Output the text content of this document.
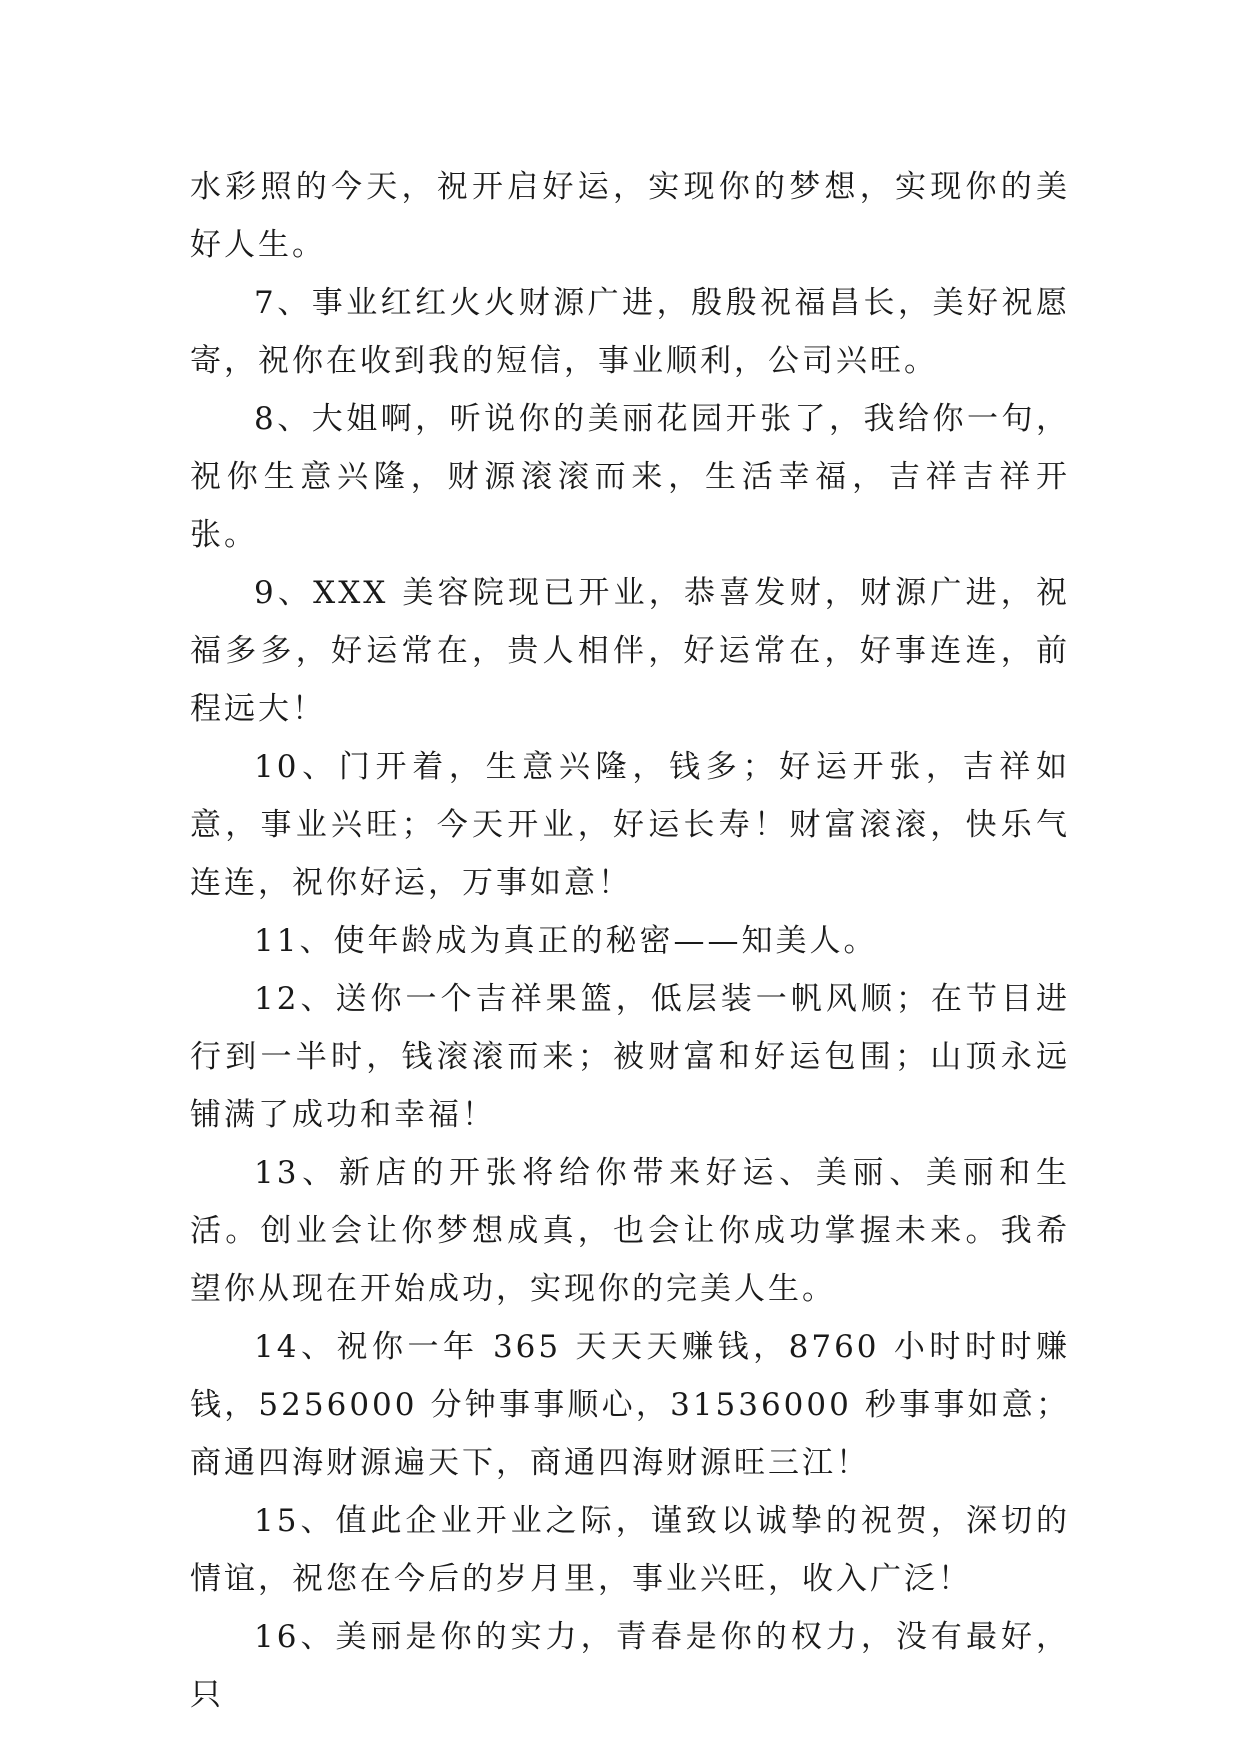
水彩照的今天，祝开启好运，实现你的梦想，实现你的美好人生。

7、事业红红火火财源广进，殷殷祝福昌长，美好祝愿寄，祝你在收到我的短信，事业顺利，公司兴旺。

8、大姐啊，听说你的美丽花园开张了，我给你一句，祝你生意兴隆，财源滚滚而来，生活幸福，吉祥吉祥开张。

9、XXX 美容院现已开业，恭喜发财，财源广进，祝福多多，好运常在，贵人相伴，好运常在，好事连连，前程远大！

10、门开着，生意兴隆，钱多；好运开张，吉祥如意，事业兴旺；今天开业，好运长寿！财富滚滚，快乐气连连，祝你好运，万事如意！

11、使年龄成为真正的秘密——知美人。

12、送你一个吉祥果篮，低层装一帆风顺；在节目进行到一半时，钱滚滚而来；被财富和好运包围；山顶永远铺满了成功和幸福！

13、新店的开张将给你带来好运、美丽、美丽和生活。创业会让你梦想成真，也会让你成功掌握未来。我希望你从现在开始成功，实现你的完美人生。

14、祝你一年 365 天天天赚钱，8760 小时时时赚钱，5256000 分钟事事顺心，31536000 秒事事如意；商通四海财源遍天下，商通四海财源旺三江！

15、值此企业开业之际，谨致以诚挚的祝贺，深切的情谊，祝您在今后的岁月里，事业兴旺，收入广泛！

16、美丽是你的实力，青春是你的权力，没有最好，只
